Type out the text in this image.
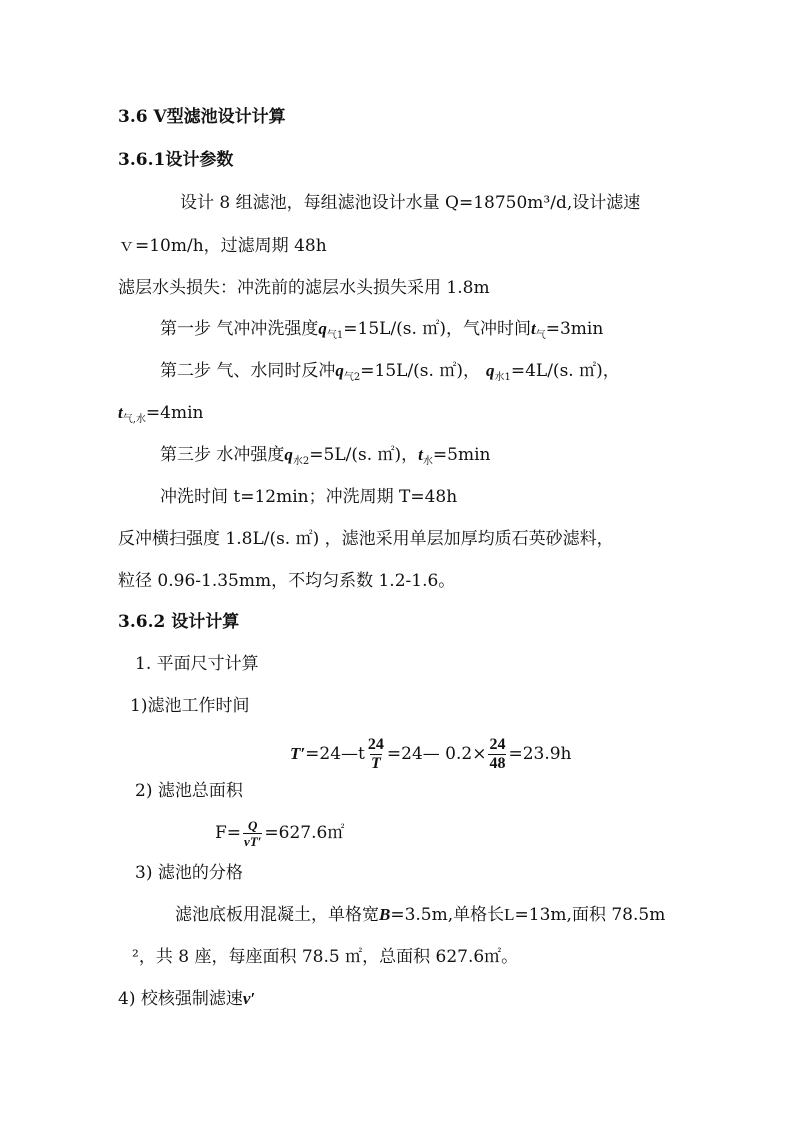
3.6 V型滤池设计计算
3.6.1设计参数
设计 8 组滤池，每组滤池设计水量 Q=18750m³/d,设计滤速
ｖ=10m/h，过滤周期 48h
滤层水头损失：冲洗前的滤层水头损失采用 1.8m
第一步 气冲冲洗强度$q_{气1}=15L/(s$. ㎡)，气冲时间$t_气=3\min$
第二步 气、水同时反冲$q_{气2}=15L/(s$. ㎡)， $q_{水1}=4L/(s$. ㎡)，
$t_{气,水}=4\min$
第三步 水冲强度$q_{水2}=5L/(s$. ㎡)，$t_水=5\min$
冲洗时间 t=12min；冲洗周期 T=48h
反冲横扫强度 1.8L/(s. ㎡) ，滤池采用单层加厚均质石英砂滤料，
粒径 0.96-1.35mm，不均匀系数 1.2-1.6。
3.6.2 设计计算
1. 平面尺寸计算
1)滤池工作时间
T′=24—t $\frac{24}{T}$ =24— $0.2\times \frac{24}{48} =23.9h$
2) 滤池总面积
$F= \frac{Q}{vT'}$ =627.6㎡
3) 滤池的分格
滤池底板用混凝土，单格宽B=3.5m,单格长L=13m,面积 78.5m
²，共 8 座，每座面积 78.5 ㎡，总面积 627.6㎡。
4) 校核强制滤速v′
